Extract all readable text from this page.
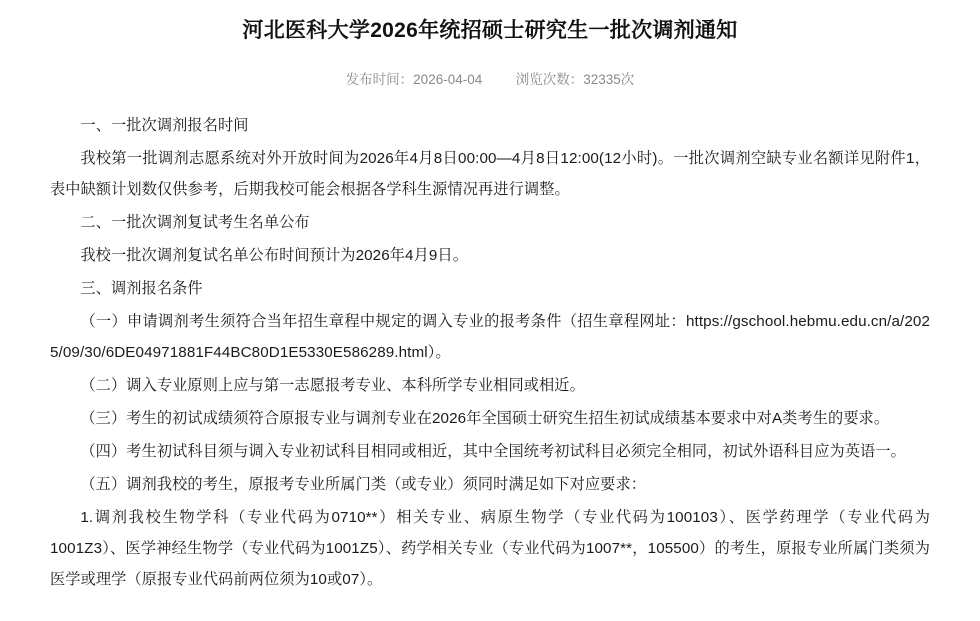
河北医科大学2026年统招硕士研究生一批次调剂通知
发布时间：2026-04-04 浏览次数：32335次

一、一批次调剂报名时间

我校第一批调剂志愿系统对外开放时间为2026年4月8日00:00—4月8日12:00(12小时)。一批次调剂空缺专业名额详见附件1，表中缺额计划数仅供参考，后期我校可能会根据各学科生源情况再进行调整。

二、一批次调剂复试考生名单公布

我校一批次调剂复试名单公布时间预计为2026年4月9日。

三、调剂报名条件

（一）申请调剂考生须符合当年招生章程中规定的调入专业的报考条件（招生章程网址：https://gschool.hebmu.edu.cn/a/2025/09/30/6DE04971881F44BC80D1E5330E586289.html）。

（二）调入专业原则上应与第一志愿报考专业、本科所学专业相同或相近。

（三）考生的初试成绩须符合原报专业与调剂专业在2026年全国硕士研究生招生初试成绩基本要求中对A类考生的要求。

（四）考生初试科目须与调入专业初试科目相同或相近，其中全国统考初试科目必须完全相同，初试外语科目应为英语一。

（五）调剂我校的考生，原报考专业所属门类（或专业）须同时满足如下对应要求：

1.调剂我校生物学科（专业代码为0710**）相关专业、病原生物学（专业代码为100103）、医学药理学（专业代码为1001Z3）、医学神经生物学（专业代码为1001Z5）、药学相关专业（专业代码为1007**，105500）的考生，原报专业所属门类须为医学或理学（原报专业代码前两位须为10或07）。
